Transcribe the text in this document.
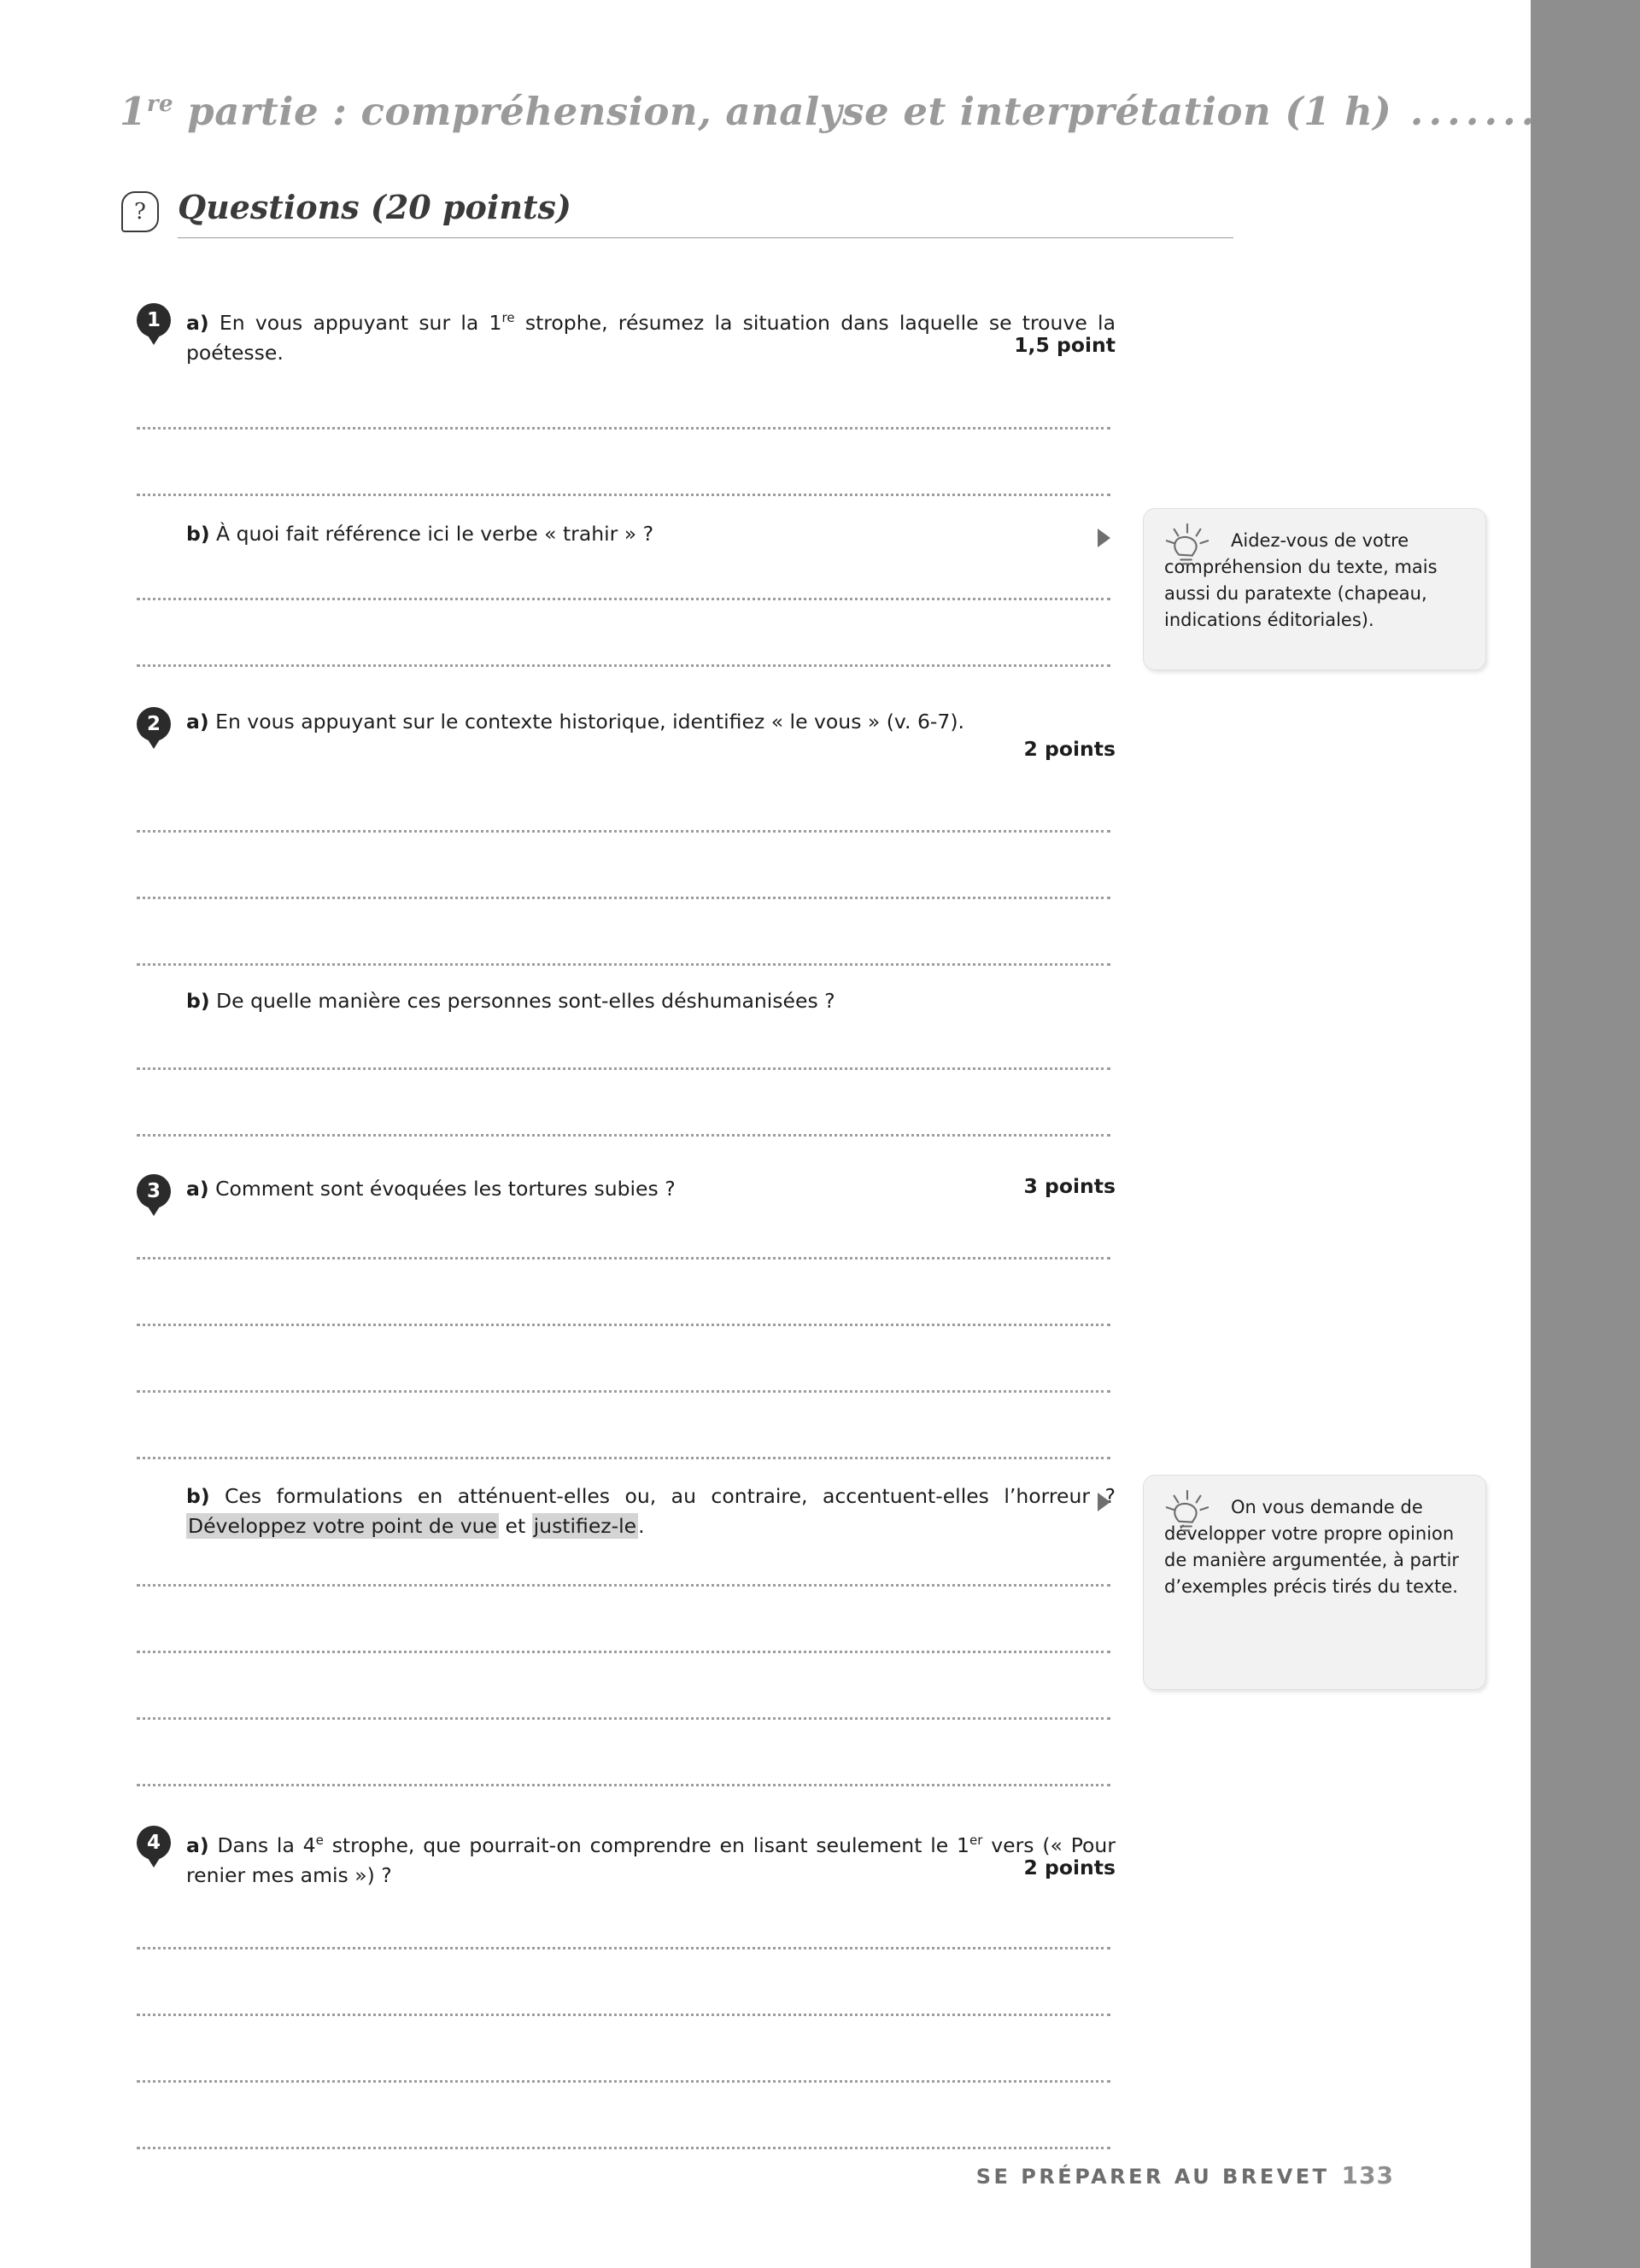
1re partie : compréhension, analyse et interprétation (1 h) .......
? Questions (20 points)
1	a) En vous appuyant sur la 1re strophe, résumez la situation dans laquelle se trouve la poétesse.	1,5 point
b) À quoi fait référence ici le verbe « trahir » ?	Aidez-vous de votre compréhension du texte, mais aussi du paratexte (chapeau, indications éditoriales).
2	a) En vous appuyant sur le contexte historique, identifiez « le vous » (v. 6-7).
2 points
b) De quelle manière ces personnes sont-elles déshumanisées ?
3	a) Comment sont évoquées les tortures subies ?	3 points
b) Ces formulations en atténuent-elles ou, au contraire, accentuent-elles l’horreur ? Développez votre point de vue et justifiez-le.
On vous demande de développer votre propre opinion de manière argumentée, à partir d’exemples précis tirés du texte.
4	a) Dans la 4e strophe, que pourrait-on comprendre en lisant seulement le 1er vers (« Pour renier mes amis ») ?	2 points
SE PRÉPARER AU BREVET 133
